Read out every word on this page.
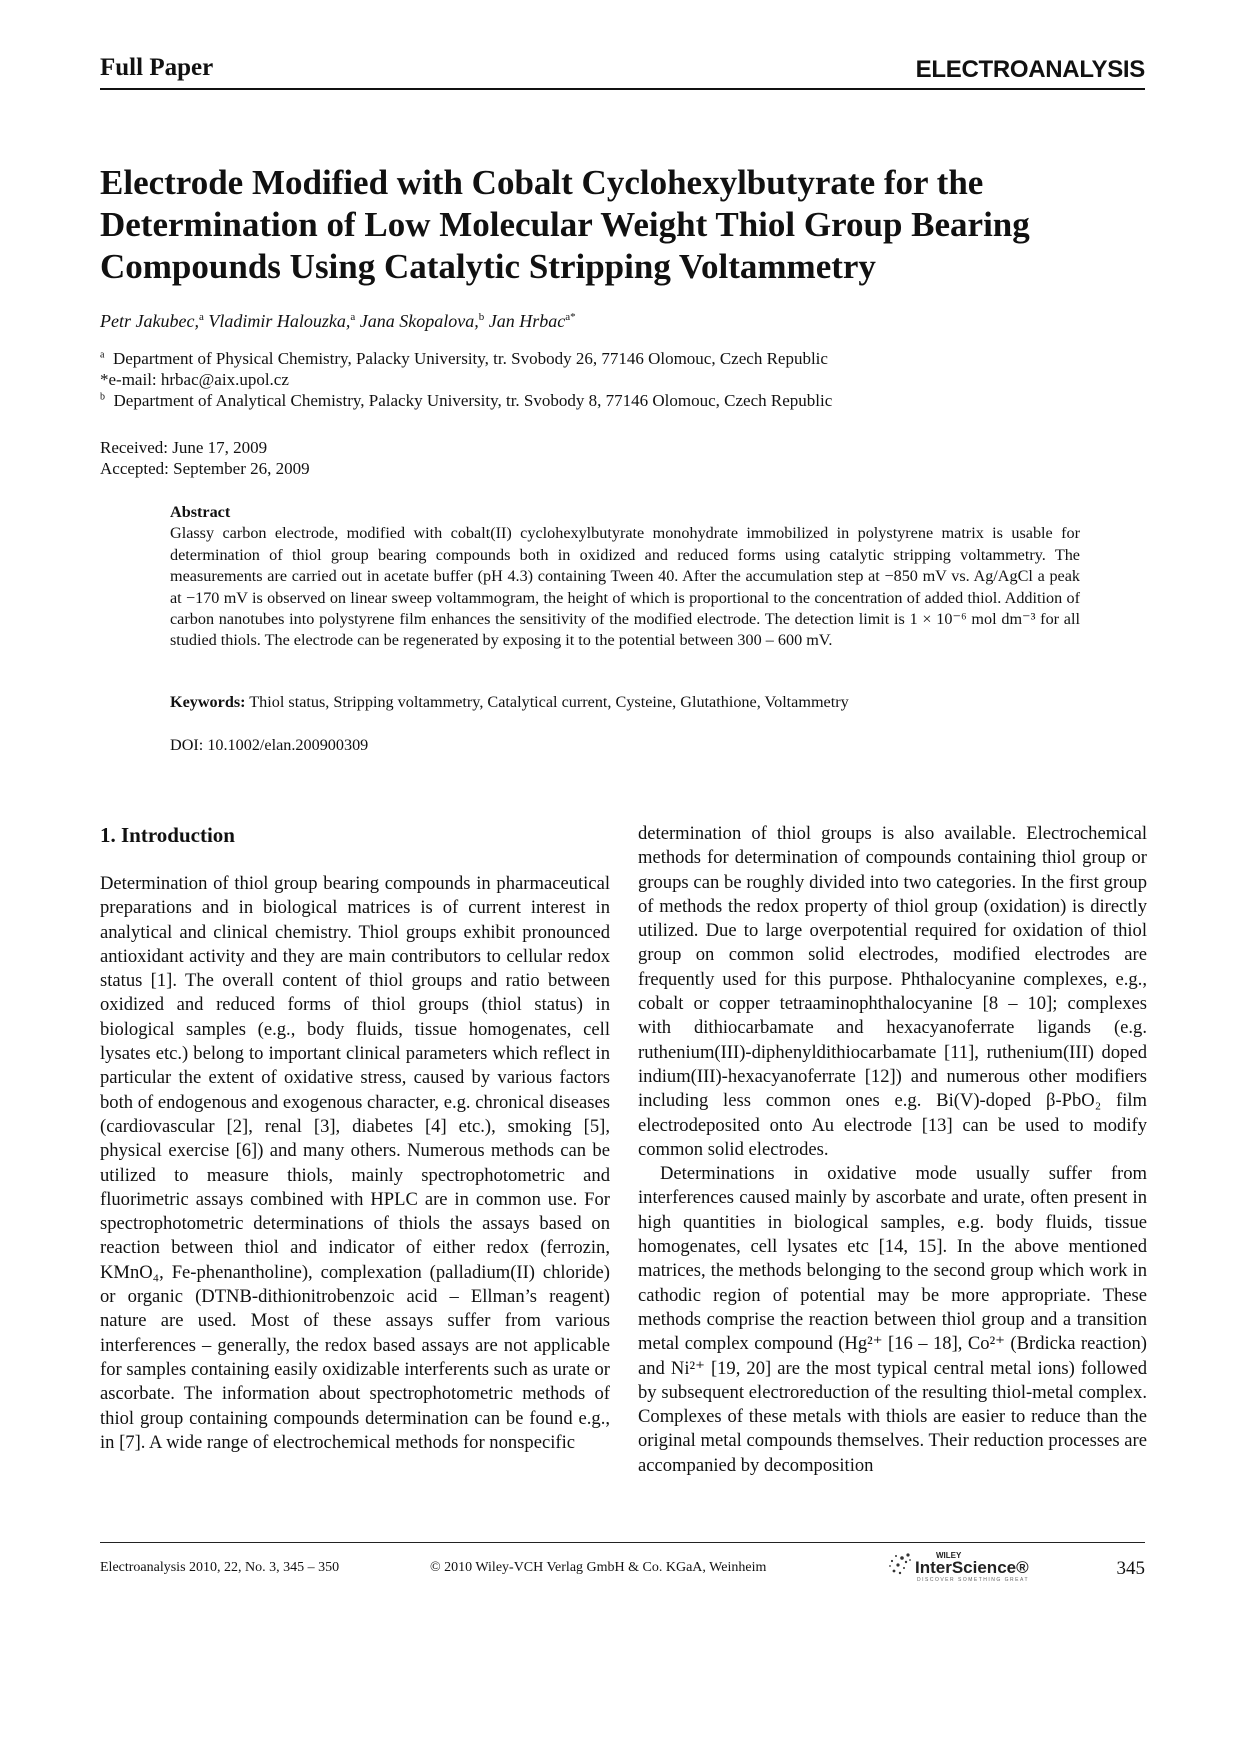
Full Paper	ELECTROANALYSIS
Electrode Modified with Cobalt Cyclohexylbutyrate for the
Determination of Low Molecular Weight Thiol Group Bearing
Compounds Using Catalytic Stripping Voltammetry
Petr Jakubec,$^a$ Vladimir Halouzka,$^a$ Jana Skopalova,$^b$ Jan Hrbac$^{a*}$
$^a$ Department of Physical Chemistry, Palacky University, tr. Svobody 26, 77146 Olomouc, Czech Republic
*e-mail: hrbac@aix.upol.cz
$^b$ Department of Analytical Chemistry, Palacky University, tr. Svobody 8, 77146 Olomouc, Czech Republic
Received: June 17, 2009
Accepted: September 26, 2009
Abstract
Glassy carbon electrode, modified with cobalt(II) cyclohexylbutyrate monohydrate immobilized in polystyrene matrix is usable for determination of thiol group bearing compounds both in oxidized and reduced forms using catalytic stripping voltammetry. The measurements are carried out in acetate buffer (pH 4.3) containing Tween 40. After the accumulation step at −850 mV vs. Ag/AgCl a peak at −170 mV is observed on linear sweep voltammogram, the height of which is proportional to the concentration of added thiol. Addition of carbon nanotubes into polystyrene film enhances the sensitivity of the modified electrode. The detection limit is 1 × 10⁻⁶ mol dm⁻³ for all studied thiols. The electrode can be regenerated by exposing it to the potential between 300 – 600 mV.
Keywords: Thiol status, Stripping voltammetry, Catalytical current, Cysteine, Glutathione, Voltammetry
DOI: 10.1002/elan.200900309
1. Introduction

Determination of thiol group bearing compounds in pharmaceutical preparations and in biological matrices is of current interest in analytical and clinical chemistry. Thiol groups exhibit pronounced antioxidant activity and they are main contributors to cellular redox status [1]. The overall content of thiol groups and ratio between oxidized and reduced forms of thiol groups (thiol status) in biological samples (e.g., body fluids, tissue homogenates, cell lysates etc.) belong to important clinical parameters which reflect in particular the extent of oxidative stress, caused by various factors both of endogenous and exogenous character, e.g. chronical diseases (cardiovascular [2], renal [3], diabetes [4] etc.), smoking [5], physical exercise [6]) and many others. Numerous methods can be utilized to measure thiols, mainly spectrophotometric and fluorimetric assays combined with HPLC are in common use. For spectrophotometric determinations of thiols the assays based on reaction between thiol and indicator of either redox (ferrozin, KMnO₄, Fe-phenantholine), complexation (palladium(II) chloride) or organic (DTNB-dithionitrobenzoic acid – Ellman’s reagent) nature are used. Most of these assays suffer from various interferences – generally, the redox based assays are not applicable for samples containing easily oxidizable interferents such as urate or ascorbate. The information about spectrophotometric methods of thiol group containing compounds determination can be found e.g., in [7]. A wide range of electrochemical methods for nonspecific

determination of thiol groups is also available. Electrochemical methods for determination of compounds containing thiol group or groups can be roughly divided into two categories. In the first group of methods the redox property of thiol group (oxidation) is directly utilized. Due to large overpotential required for oxidation of thiol group on common solid electrodes, modified electrodes are frequently used for this purpose. Phthalocyanine complexes, e.g., cobalt or copper tetraaminophthalocyanine [8 – 10]; complexes with dithiocarbamate and hexacyanoferrate ligands (e.g. ruthenium(III)-diphenyldithiocarbamate [11], ruthenium(III) doped indium(III)-hexacyanoferrate [12]) and numerous other modifiers including less common ones e.g. Bi(V)-doped β-PbO₂ film electrodeposited onto Au electrode [13] can be used to modify common solid electrodes.

Determinations in oxidative mode usually suffer from interferences caused mainly by ascorbate and urate, often present in high quantities in biological samples, e.g. body fluids, tissue homogenates, cell lysates etc [14, 15]. In the above mentioned matrices, the methods belonging to the second group which work in cathodic region of potential may be more appropriate. These methods comprise the reaction between thiol group and a transition metal complex compound (Hg²⁺ [16 – 18], Co²⁺ (Brdicka reaction) and Ni²⁺ [19, 20] are the most typical central metal ions) followed by subsequent electroreduction of the resulting thiol-metal complex. Complexes of these metals with thiols are easier to reduce than the original metal compounds themselves. Their reduction processes are accompanied by decomposition

Electroanalysis 2010, 22, No. 3, 345 – 350	© 2010 Wiley-VCH Verlag GmbH & Co. KGaA, Weinheim
WILEY
InterScience®
DISCOVER SOMETHING GREAT
345
